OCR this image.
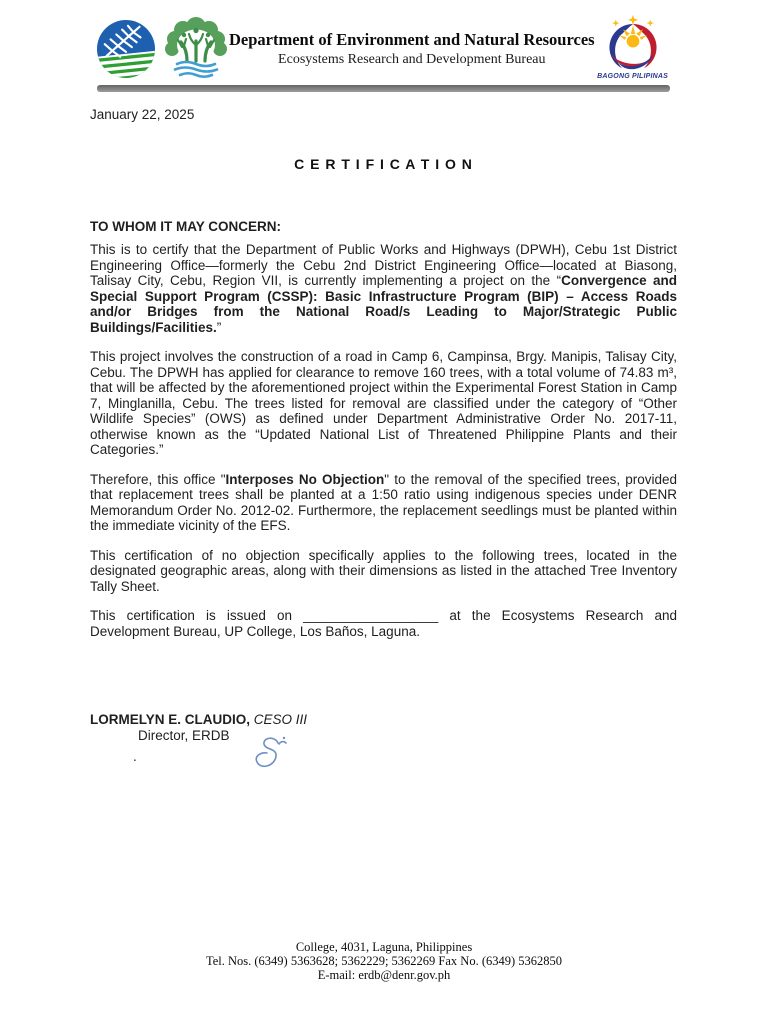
Department of Environment and Natural Resources
Ecosystems Research and Development Bureau
BAGONG PILIPINAS

January 22, 2025

C E R T I F I C A T I O N

TO WHOM IT MAY CONCERN:

This is to certify that the Department of Public Works and Highways (DPWH), Cebu 1st District Engineering Office—formerly the Cebu 2nd District Engineering Office—located at Biasong, Talisay City, Cebu, Region VII, is currently implementing a project on the “Convergence and Special Support Program (CSSP): Basic Infrastructure Program (BIP) – Access Roads and/or Bridges from the National Road/s Leading to Major/Strategic Public Buildings/Facilities.”

This project involves the construction of a road in Camp 6, Campinsa, Brgy. Manipis, Talisay City, Cebu. The DPWH has applied for clearance to remove 160 trees, with a total volume of 74.83 m³, that will be affected by the aforementioned project within the Experimental Forest Station in Camp 7, Minglanilla, Cebu. The trees listed for removal are classified under the category of “Other Wildlife Species” (OWS) as defined under Department Administrative Order No. 2017-11, otherwise known as the “Updated National List of Threatened Philippine Plants and their Categories.”

Therefore, this office "Interposes No Objection" to the removal of the specified trees, provided that replacement trees shall be planted at a 1:50 ratio using indigenous species under DENR Memorandum Order No. 2012-02. Furthermore, the replacement seedlings must be planted within the immediate vicinity of the EFS.

This certification of no objection specifically applies to the following trees, located in the designated geographic areas, along with their dimensions as listed in the attached Tree Inventory Tally Sheet.

This certification is issued on __________________ at the Ecosystems Research and Development Bureau, UP College, Los Baños, Laguna.

LORMELYN E. CLAUDIO, CESO III
Director, ERDB
.
College, 4031, Laguna, Philippines
Tel. Nos. (6349) 5363628; 5362229; 5362269 Fax No. (6349) 5362850
E-mail: erdb@denr.gov.ph
